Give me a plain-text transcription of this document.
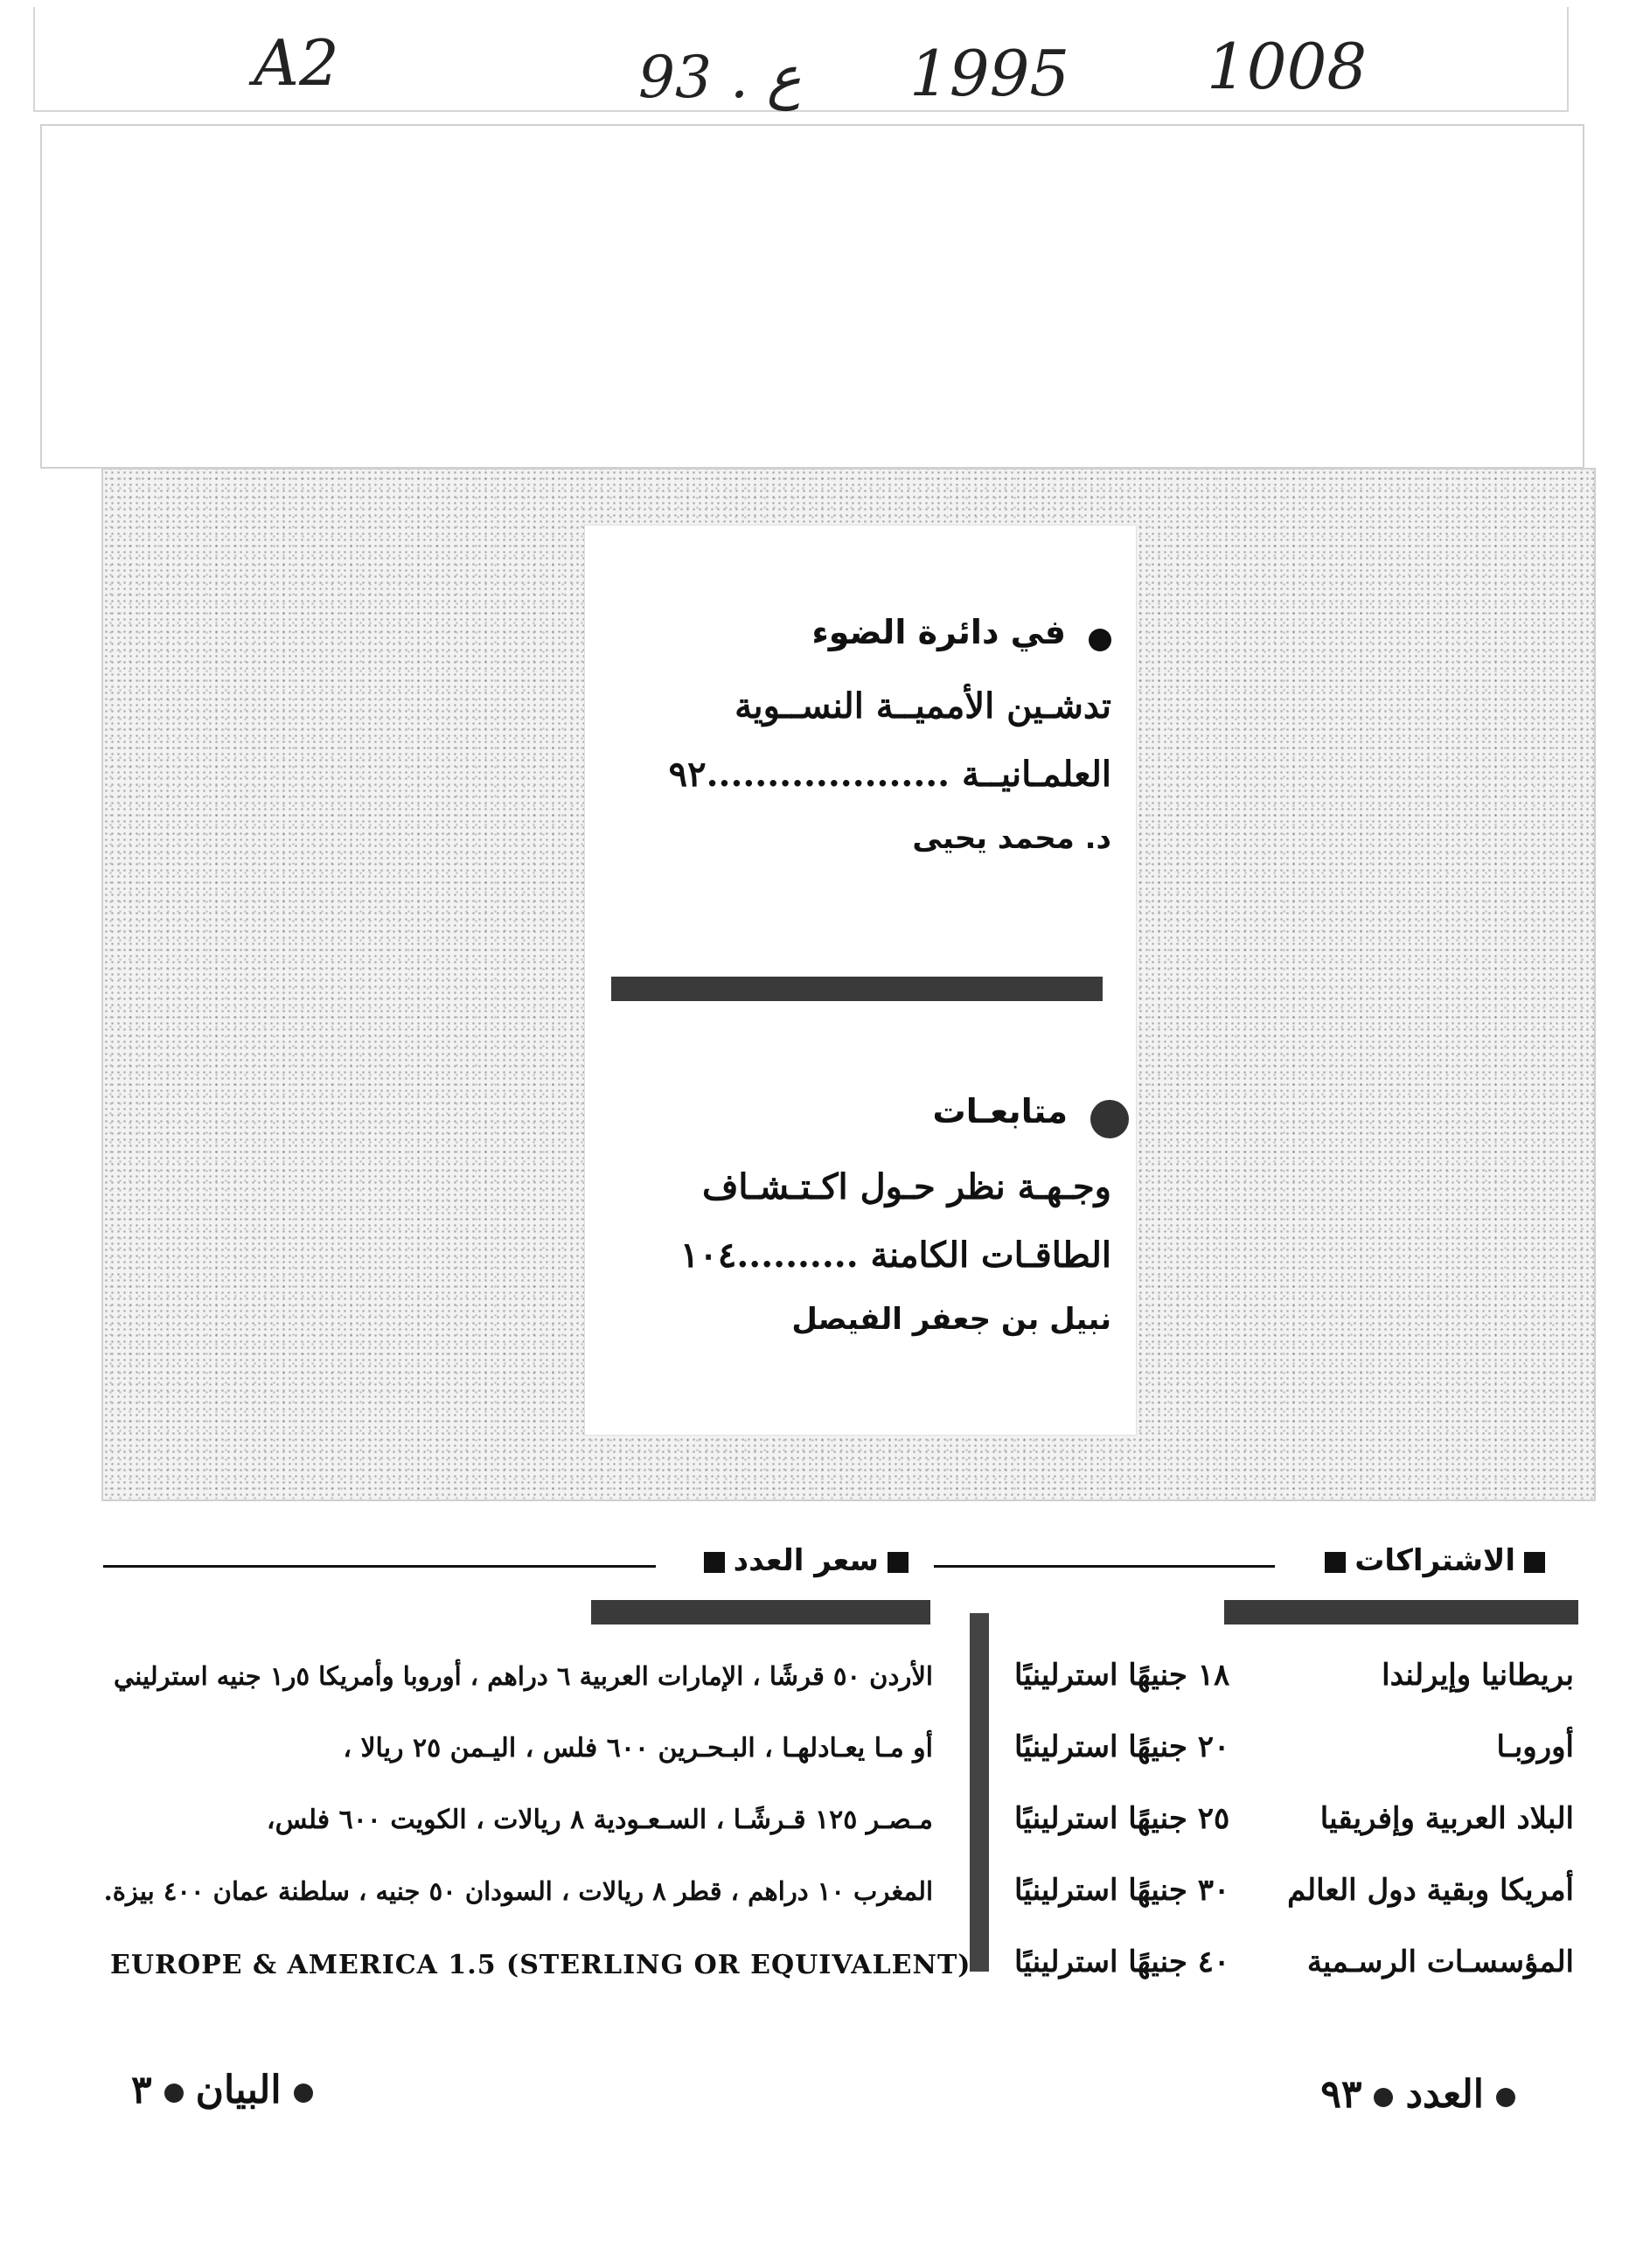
A2	93 . ع 1995 1008
في دائرة الضوء
تدشـين الأمميــة النســوية
العلمـانيــة ....................٩٢
د. محمد يحيى
متابعـات
وجـهـة نظر حـول اكـتـشـاف
الطاقـات الكامنة ..........١٠٤
نبيل بن جعفر الفيصل
الاشتراكات
سعر العدد
بريطانيا وإيرلندا
١٨ جنيهًا استرلينيًا
أوروبـا
٢٠ جنيهًا استرلينيًا
البلاد العربية وإفريقيا
٢٥ جنيهًا استرلينيًا
أمريكا وبقية دول العالم
٣٠ جنيهًا استرلينيًا
المؤسسـات الرسـمية
٤٠ جنيهًا استرلينيًا
الأردن ٥٠ قرشًا ، الإمارات العربية ٦ دراهم ، أوروبا وأمريكا ٥ر١ جنيه استرليني
أو مـا يعـادلهـا ، البـحـرين ٦٠٠ فلس ، اليـمن ٢٥ ريالا ،
مـصـر ١٢٥ قـرشًـا ، السـعـودية ٨ ريالات ، الكويت ٦٠٠ فلس،
المغرب ١٠ دراهم ، قطر ٨ ريالات ، السودان ٥٠ جنيه ، سلطنة عمان ٤٠٠ بيزة.
EUROPE & AMERICA 1.5 (STERLING OR EQUIVALENT)
العدد٩٣
البيان٣
